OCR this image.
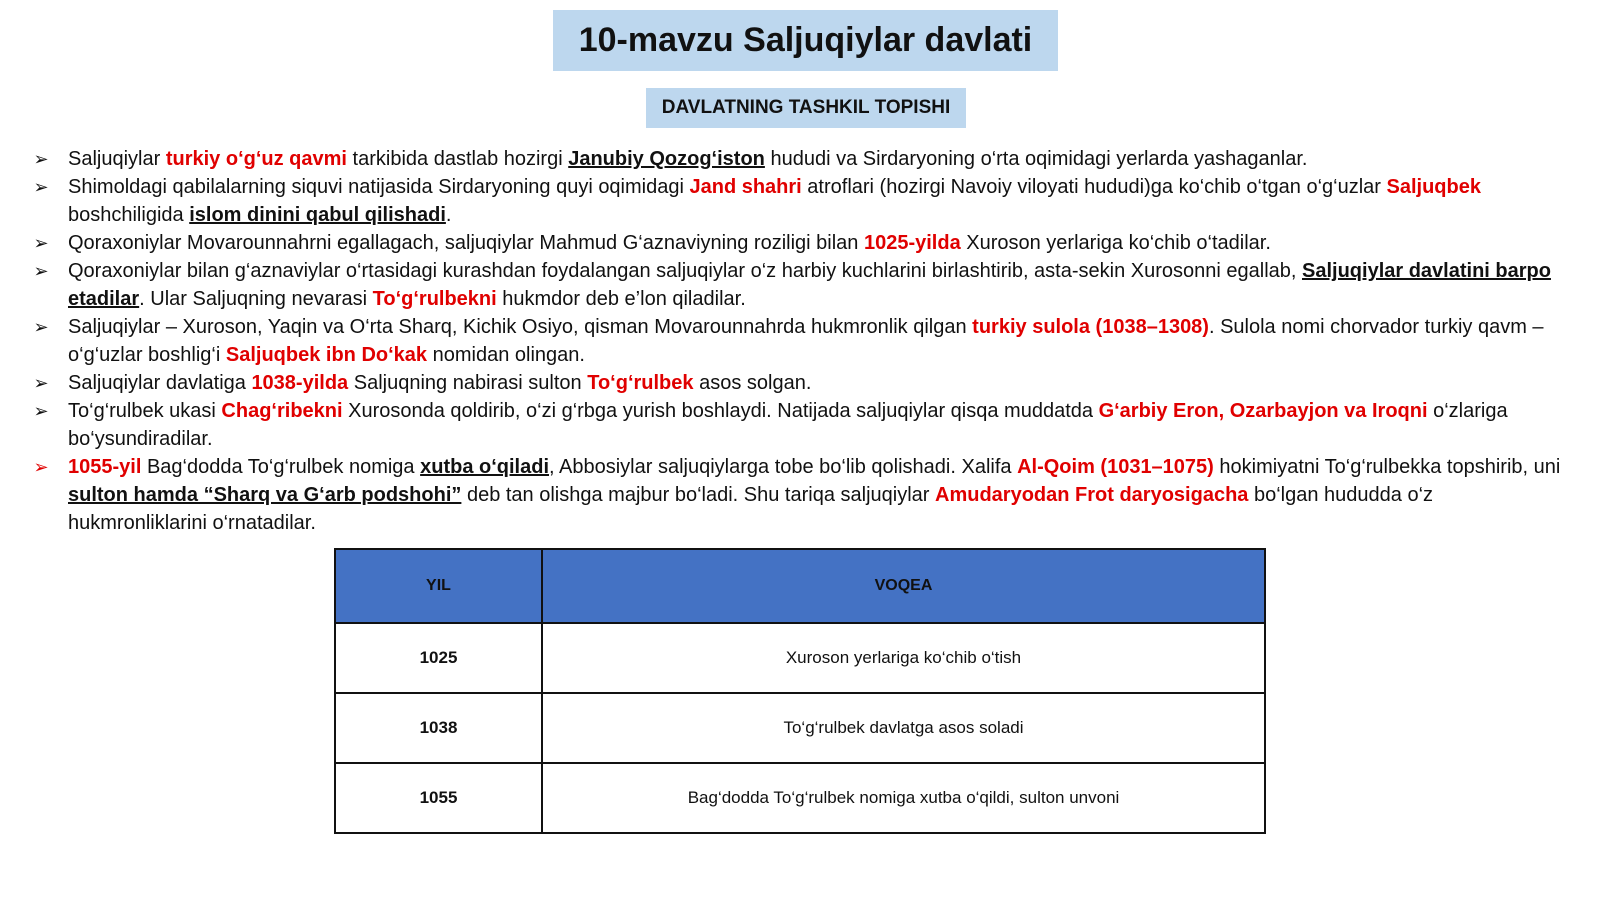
10-mavzu Saljuqiylar davlati
DAVLATNING TASHKIL TOPISHI
➢ Saljuqiylar turkiy o‘g‘uz qavmi tarkibida dastlab hozirgi Janubiy Qozog‘iston hududi va Sirdaryoning o‘rta oqimidagi yerlarda yashaganlar.
➢ Shimoldagi qabilalarning siquvi natijasida Sirdaryoning quyi oqimidagi Jand shahri atroflari (hozirgi Navoiy viloyati hududi)ga ko‘chib o‘tgan o‘g‘uzlar Saljuqbek boshchiligida islom dinini qabul qilishadi.
➢ Qoraxoniylar Movarounnahrni egallagach, saljuqiylar Mahmud G‘aznaviyning roziligi bilan 1025-yilda Xuroson yerlariga ko‘chib o‘tadilar.
➢ Qoraxoniylar bilan g‘aznaviylar o‘rtasidagi kurashdan foydalangan saljuqiylar o‘z harbiy kuchlarini birlashtirib, asta-sekin Xurosonni egallab, Saljuqiylar davlatini barpo etadilar. Ular Saljuqning nevarasi To‘g‘rulbekni hukmdor deb e’lon qiladilar.
➢ Saljuqiylar – Xuroson, Yaqin va O‘rta Sharq, Kichik Osiyo, qisman Movarounnahrda hukmronlik qilgan turkiy sulola (1038–1308). Sulola nomi chorvador turkiy qavm – o‘g‘uzlar boshlig‘i Saljuqbek ibn Do‘kak nomidan olingan.
➢ Saljuqiylar davlatiga 1038-yilda Saljuqning nabirasi sulton To‘g‘rulbek asos solgan.
➢ To‘g‘rulbek ukasi Chag‘ribekni Xurosonda qoldirib, o‘zi g‘rbga yurish boshlaydi. Natijada saljuqiylar qisqa muddatda G‘arbiy Eron, Ozarbayjon va Iroqni o‘zlariga bo‘ysundiradilar.
➢ 1055-yil Bag‘dodda To‘g‘rulbek nomiga xutba o‘qiladi, Abbosiylar saljuqiylarga tobe bo‘lib qolishadi. Xalifa Al-Qoim (1031–1075) hokimiyatni To‘g‘rulbekka topshirib, uni sulton hamda “Sharq va G‘arb podshohi” deb tan olishga majbur bo‘ladi. Shu tariqa saljuqiylar Amudaryodan Frot daryosigacha bo‘lgan hududda o‘z hukmronliklarini o‘rnatadilar.
YIL	VOQEA
1025	Xuroson yerlariga ko‘chib o‘tish
1038	To‘g‘rulbek davlatga asos soladi
1055	Bag‘dodda To‘g‘rulbek nomiga xutba o‘qildi, sulton unvoni
